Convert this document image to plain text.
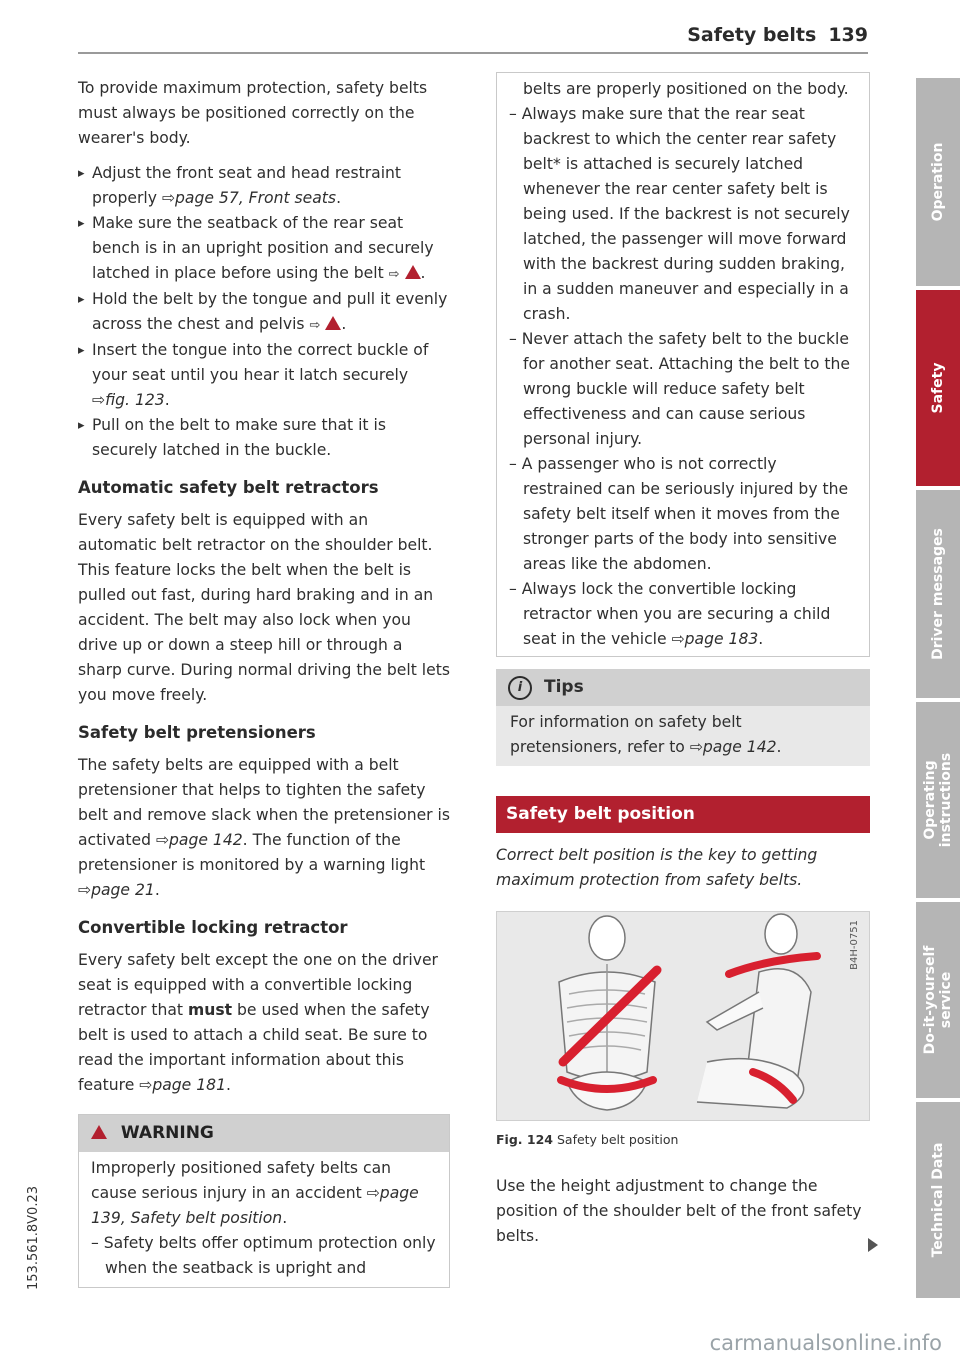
Safety belts 139

To provide maximum protection, safety belts must always be positioned correctly on the wearer's body.

▸ Adjust the front seat and head restraint properly ⇨page 57, Front seats.

▸ Make sure the seatback of the rear seat bench is in an upright position and securely latched in place before using the belt ⇨ .

▸ Hold the belt by the tongue and pull it evenly across the chest and pelvis ⇨ .

▸ Insert the tongue into the correct buckle of your seat until you hear it latch securely ⇨fig. 123.

▸ Pull on the belt to make sure that it is securely latched in the buckle.

Automatic safety belt retractors

Every safety belt is equipped with an automatic belt retractor on the shoulder belt. This feature locks the belt when the belt is pulled out fast, during hard braking and in an accident. The belt may also lock when you drive up or down a steep hill or through a sharp curve. During normal driving the belt lets you move freely.

Safety belt pretensioners

The safety belts are equipped with a belt pretensioner that helps to tighten the safety belt and remove slack when the pretensioner is activated ⇨page 142. The function of the pretensioner is monitored by a warning light ⇨page 21.

Convertible locking retractor

Every safety belt except the one on the driver seat is equipped with a convertible locking retractor that must be used when the safety belt is used to attach a child seat. Be sure to read the important information about this feature ⇨page 181.

WARNING

Improperly positioned safety belts can cause serious injury in an accident ⇨page 139, Safety belt position.

– Safety belts offer optimum protection only when the seatback is upright and

belts are properly positioned on the body.

– Always make sure that the rear seat backrest to which the center rear safety belt* is attached is securely latched whenever the rear center safety belt is being used. If the backrest is not securely latched, the passenger will move forward with the backrest during sudden braking, in a sudden maneuver and especially in a crash.

– Never attach the safety belt to the buckle for another seat. Attaching the belt to the wrong buckle will reduce safety belt effectiveness and can cause serious personal injury.

– A passenger who is not correctly restrained can be seriously injured by the safety belt itself when it moves from the stronger parts of the body into sensitive areas like the abdomen.

– Always lock the convertible locking retractor when you are securing a child seat in the vehicle ⇨page 183.

i	Tips

For information on safety belt pretensioners, refer to ⇨page 142.

Safety belt position

Correct belt position is the key to getting maximum protection from safety belts.

B4H-0751

Fig. 124 Safety belt position

Use the height adjustment to change the position of the shoulder belt of the front safety belts.

Operation
Safety
Driver messages
Operating instructions
Do-it-yourself service
Technical Data
153.561.8V0.23
carmanualsonline.info
